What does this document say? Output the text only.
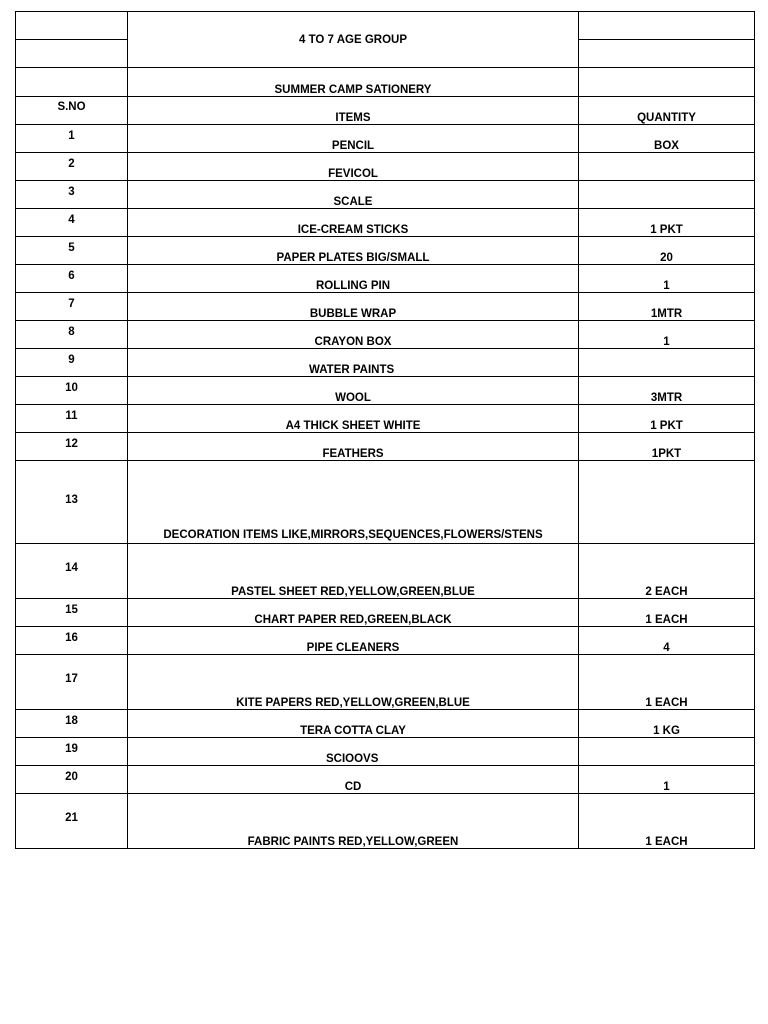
	4 TO 7 AGE GROUP	

	SUMMER CAMP SATIONERY	
S.NO	ITEMS	QUANTITY
1	PENCIL	BOX
2	FEVICOL	
3	SCALE	
4	ICE-CREAM STICKS	1 PKT
5	PAPER PLATES BIG/SMALL	20
6	ROLLING PIN	1
7	BUBBLE WRAP	1MTR
8	CRAYON BOX	1
9	WATER PAINTS	
10	WOOL	3MTR
11	A4 THICK SHEET WHITE	1 PKT
12	FEATHERS	1PKT
13	DECORATION ITEMS LIKE,MIRRORS,SEQUENCES,FLOWERS/STENS	
14	PASTEL SHEET RED,YELLOW,GREEN,BLUE	2 EACH
15	CHART PAPER RED,GREEN,BLACK	1 EACH
16	PIPE CLEANERS	4
17	KITE PAPERS RED,YELLOW,GREEN,BLUE	1 EACH
18	TERA COTTA CLAY	1 KG
19	SCIOOVS	
20	CD	1
21	FABRIC PAINTS RED,YELLOW,GREEN	1 EACH
